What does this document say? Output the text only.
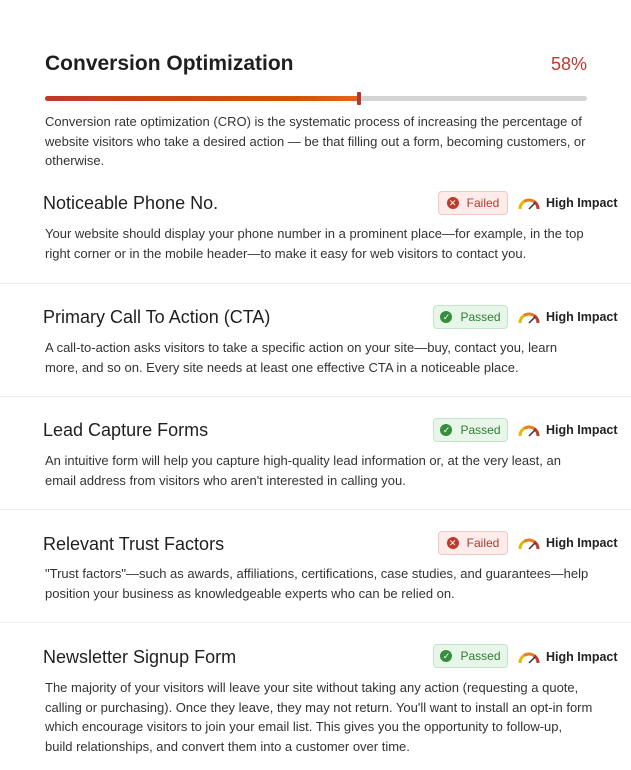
Conversion Optimization	58%
Conversion rate optimization (CRO) is the systematic process of increasing the percentage of website visitors who take a desired action — be that filling out a form, becoming customers, or otherwise.
Noticeable Phone No.	✕ Failed	High Impact
Your website should display your phone number in a prominent place—for example, in the top right corner or in the mobile header—to make it easy for web visitors to contact you.
Primary Call To Action (CTA)	✓ Passed	High Impact
A call-to-action asks visitors to take a specific action on your site—buy, contact you, learn more, and so on. Every site needs at least one effective CTA in a noticeable place.
Lead Capture Forms	✓ Passed	High Impact
An intuitive form will help you capture high-quality lead information or, at the very least, an email address from visitors who aren't interested in calling you.
Relevant Trust Factors	✕ Failed	High Impact
"Trust factors"—such as awards, affiliations, certifications, case studies, and guarantees—help position your business as knowledgeable experts who can be relied on.
Newsletter Signup Form	✓ Passed	High Impact
The majority of your visitors will leave your site without taking any action (requesting a quote, calling or purchasing). Once they leave, they may not return. You'll want to install an opt-in form which encourage visitors to join your email list. This gives you the opportunity to follow-up, build relationships, and convert them into a customer over time.
